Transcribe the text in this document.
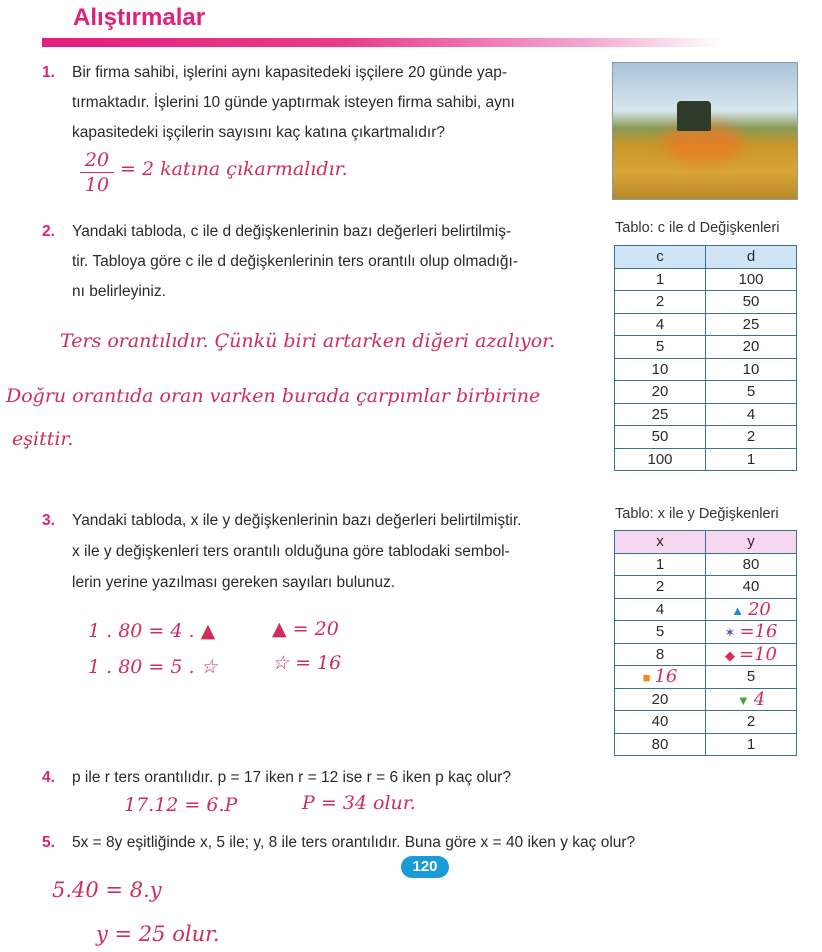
Alıştırmalar
1. Bir firma sahibi, işlerini aynı kapasitedeki işçilere 20 günde yap-
tırmaktadır. İşlerini 10 günde yaptırmak isteyen firma sahibi, aynı
kapasitedeki işçilerin sayısını kaç katına çıkartmalıdır?
20
10
= 2 katına çıkarmalıdır.
2. Yandaki tabloda, c ile d değişkenlerinin bazı değerleri belirtilmiş-
tir. Tabloya göre c ile d değişkenlerinin ters orantılı olup olmadığı-
nı belirleyiniz.
Ters orantılıdır. Çünkü biri artarken diğeri azalıyor.
Doğru orantıda oran varken burada çarpımlar birbirine
eşittir.
Tablo: c ile d Değişkenleri
c	d
1	100
2	50
4	25
5	20
10	10
20	5
25	4
50	2
100	1
3. Yandaki tabloda, x ile y değişkenlerinin bazı değerleri belirtilmiştir.
x ile y değişkenleri ters orantılı olduğuna göre tablodaki sembol-
lerin yerine yazılması gereken sayıları bulunuz.
1 . 80 = 4 . ▲	▲ = 20
1 . 80 = 5 . ☆	☆ = 16
Tablo: x ile y Değişkenleri
x	y
1	80
2	40
4	▲ 20
5	✶ =16
8	◆ =10
■ 16	5
20	▼ 4
40	2
80	1
4. p ile r ters orantılıdır. p = 17 iken r = 12 ise r = 6 iken p kaç olur?
17.12 = 6.P	P = 34 olur.
5. 5x = 8y eşitliğinde x, 5 ile; y, 8 ile ters orantılıdır. Buna göre x = 40 iken y kaç olur?
120
5.40 = 8.y
y = 25 olur.
